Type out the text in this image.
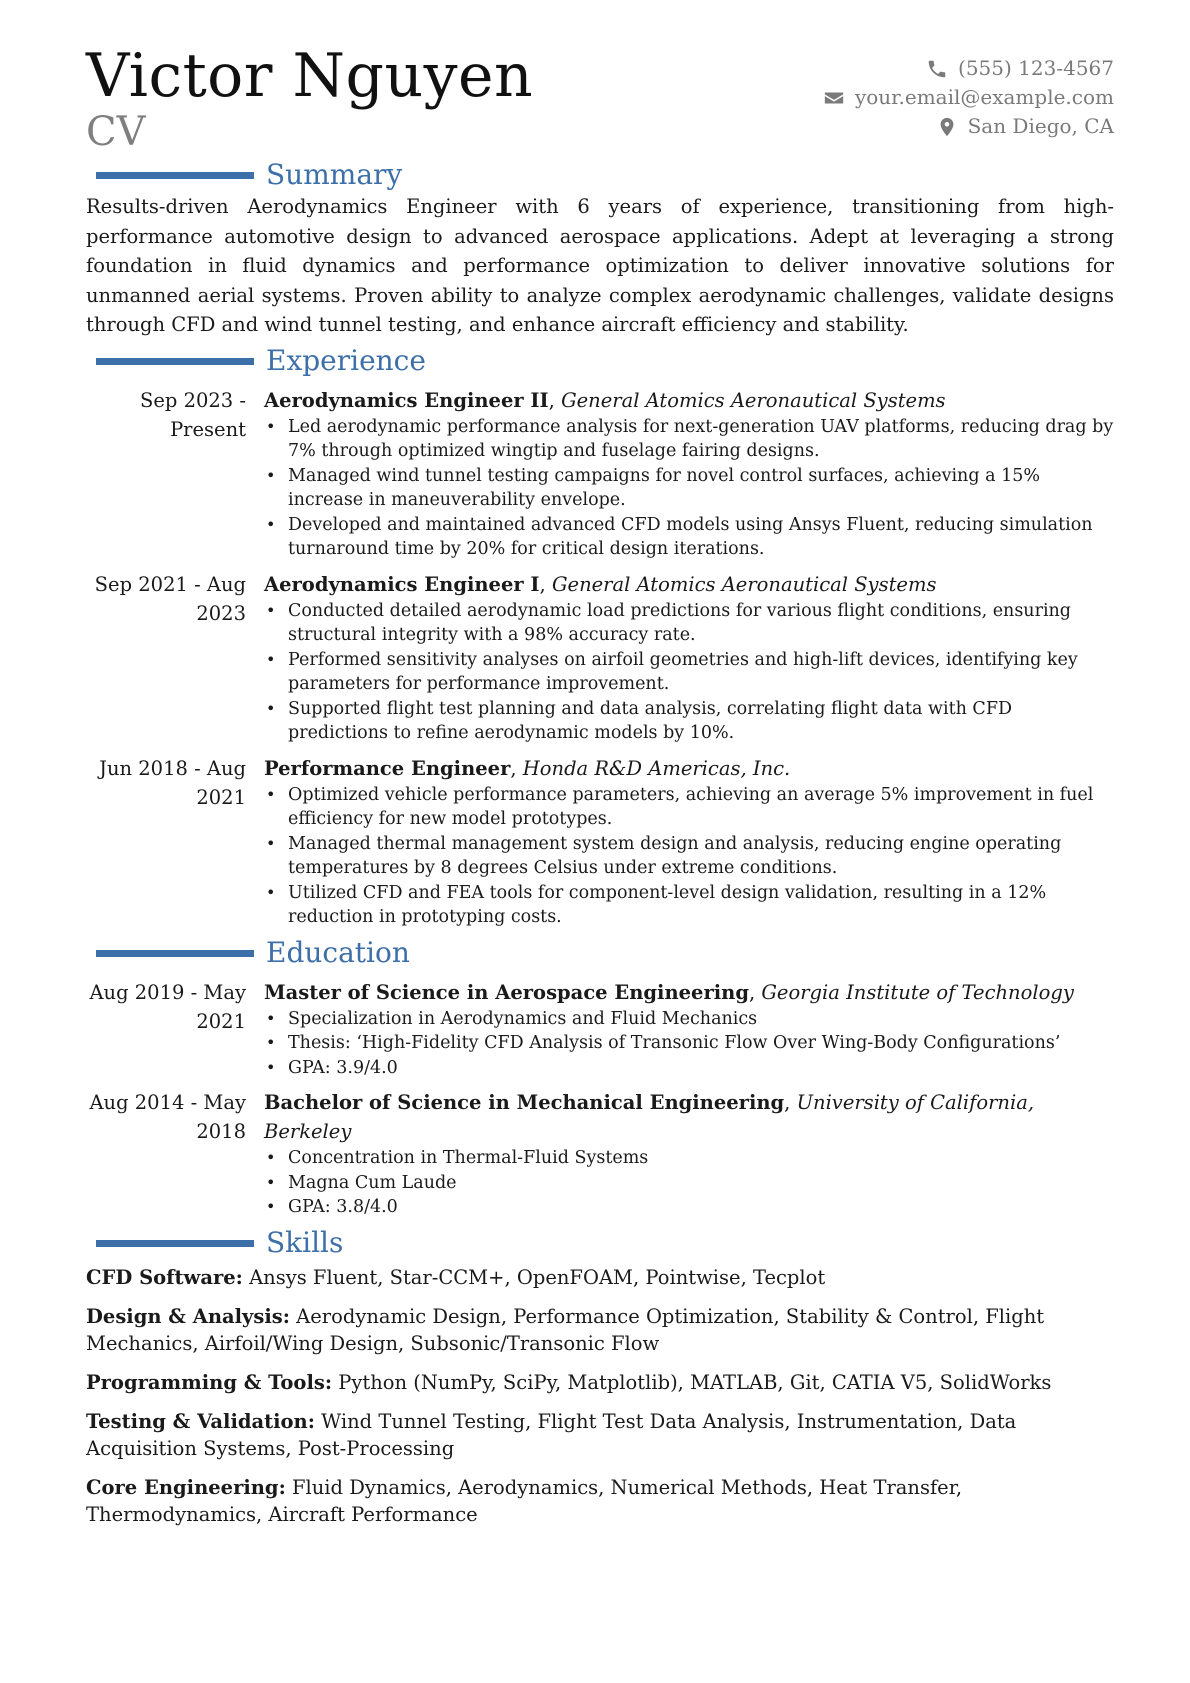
Victor Nguyen
CV
(555) 123-4567
your.email@example.com
San Diego, CA
Summary

Results-driven Aerodynamics Engineer with 6 years of experience, transitioning from high-performance automotive design to advanced aerospace applications. Adept at leveraging a strong foundation in fluid dynamics and performance optimization to deliver innovative solutions for unmanned aerial systems. Proven ability to analyze complex aerodynamic challenges, validate designs through CFD and wind tunnel testing, and enhance aircraft efficiency and stability.

Experience
Sep 2023 - Present
Aerodynamics Engineer II, General Atomics Aeronautical Systems
• Led aerodynamic performance analysis for next-generation UAV platforms, reducing drag by 7% through optimized wingtip and fuselage fairing designs.
• Managed wind tunnel testing campaigns for novel control surfaces, achieving a 15% increase in maneuverability envelope.
• Developed and maintained advanced CFD models using Ansys Fluent, reducing simulation turnaround time by 20% for critical design iterations.
Sep 2021 - Aug 2023
Aerodynamics Engineer I, General Atomics Aeronautical Systems
• Conducted detailed aerodynamic load predictions for various flight conditions, ensuring structural integrity with a 98% accuracy rate.
• Performed sensitivity analyses on airfoil geometries and high-lift devices, identifying key parameters for performance improvement.
• Supported flight test planning and data analysis, correlating flight data with CFD predictions to refine aerodynamic models by 10%.
Jun 2018 - Aug 2021
Performance Engineer, Honda R&D Americas, Inc.
• Optimized vehicle performance parameters, achieving an average 5% improvement in fuel efficiency for new model prototypes.
• Managed thermal management system design and analysis, reducing engine operating temperatures by 8 degrees Celsius under extreme conditions.
• Utilized CFD and FEA tools for component-level design validation, resulting in a 12% reduction in prototyping costs.
Education
Aug 2019 - May 2021
Master of Science in Aerospace Engineering, Georgia Institute of Technology
• Specialization in Aerodynamics and Fluid Mechanics
• Thesis: ‘High-Fidelity CFD Analysis of Transonic Flow Over Wing-Body Configurations’
• GPA: 3.9/4.0
Aug 2014 - May 2018
Bachelor of Science in Mechanical Engineering, University of California, Berkeley
• Concentration in Thermal-Fluid Systems
• Magna Cum Laude
• GPA: 3.8/4.0
Skills
CFD Software: Ansys Fluent, Star-CCM+, OpenFOAM, Pointwise, Tecplot
Design & Analysis: Aerodynamic Design, Performance Optimization, Stability & Control, Flight Mechanics, Airfoil/Wing Design, Subsonic/Transonic Flow
Programming & Tools: Python (NumPy, SciPy, Matplotlib), MATLAB, Git, CATIA V5, SolidWorks
Testing & Validation: Wind Tunnel Testing, Flight Test Data Analysis, Instrumentation, Data Acquisition Systems, Post-Processing
Core Engineering: Fluid Dynamics, Aerodynamics, Numerical Methods, Heat Transfer, Thermodynamics, Aircraft Performance
